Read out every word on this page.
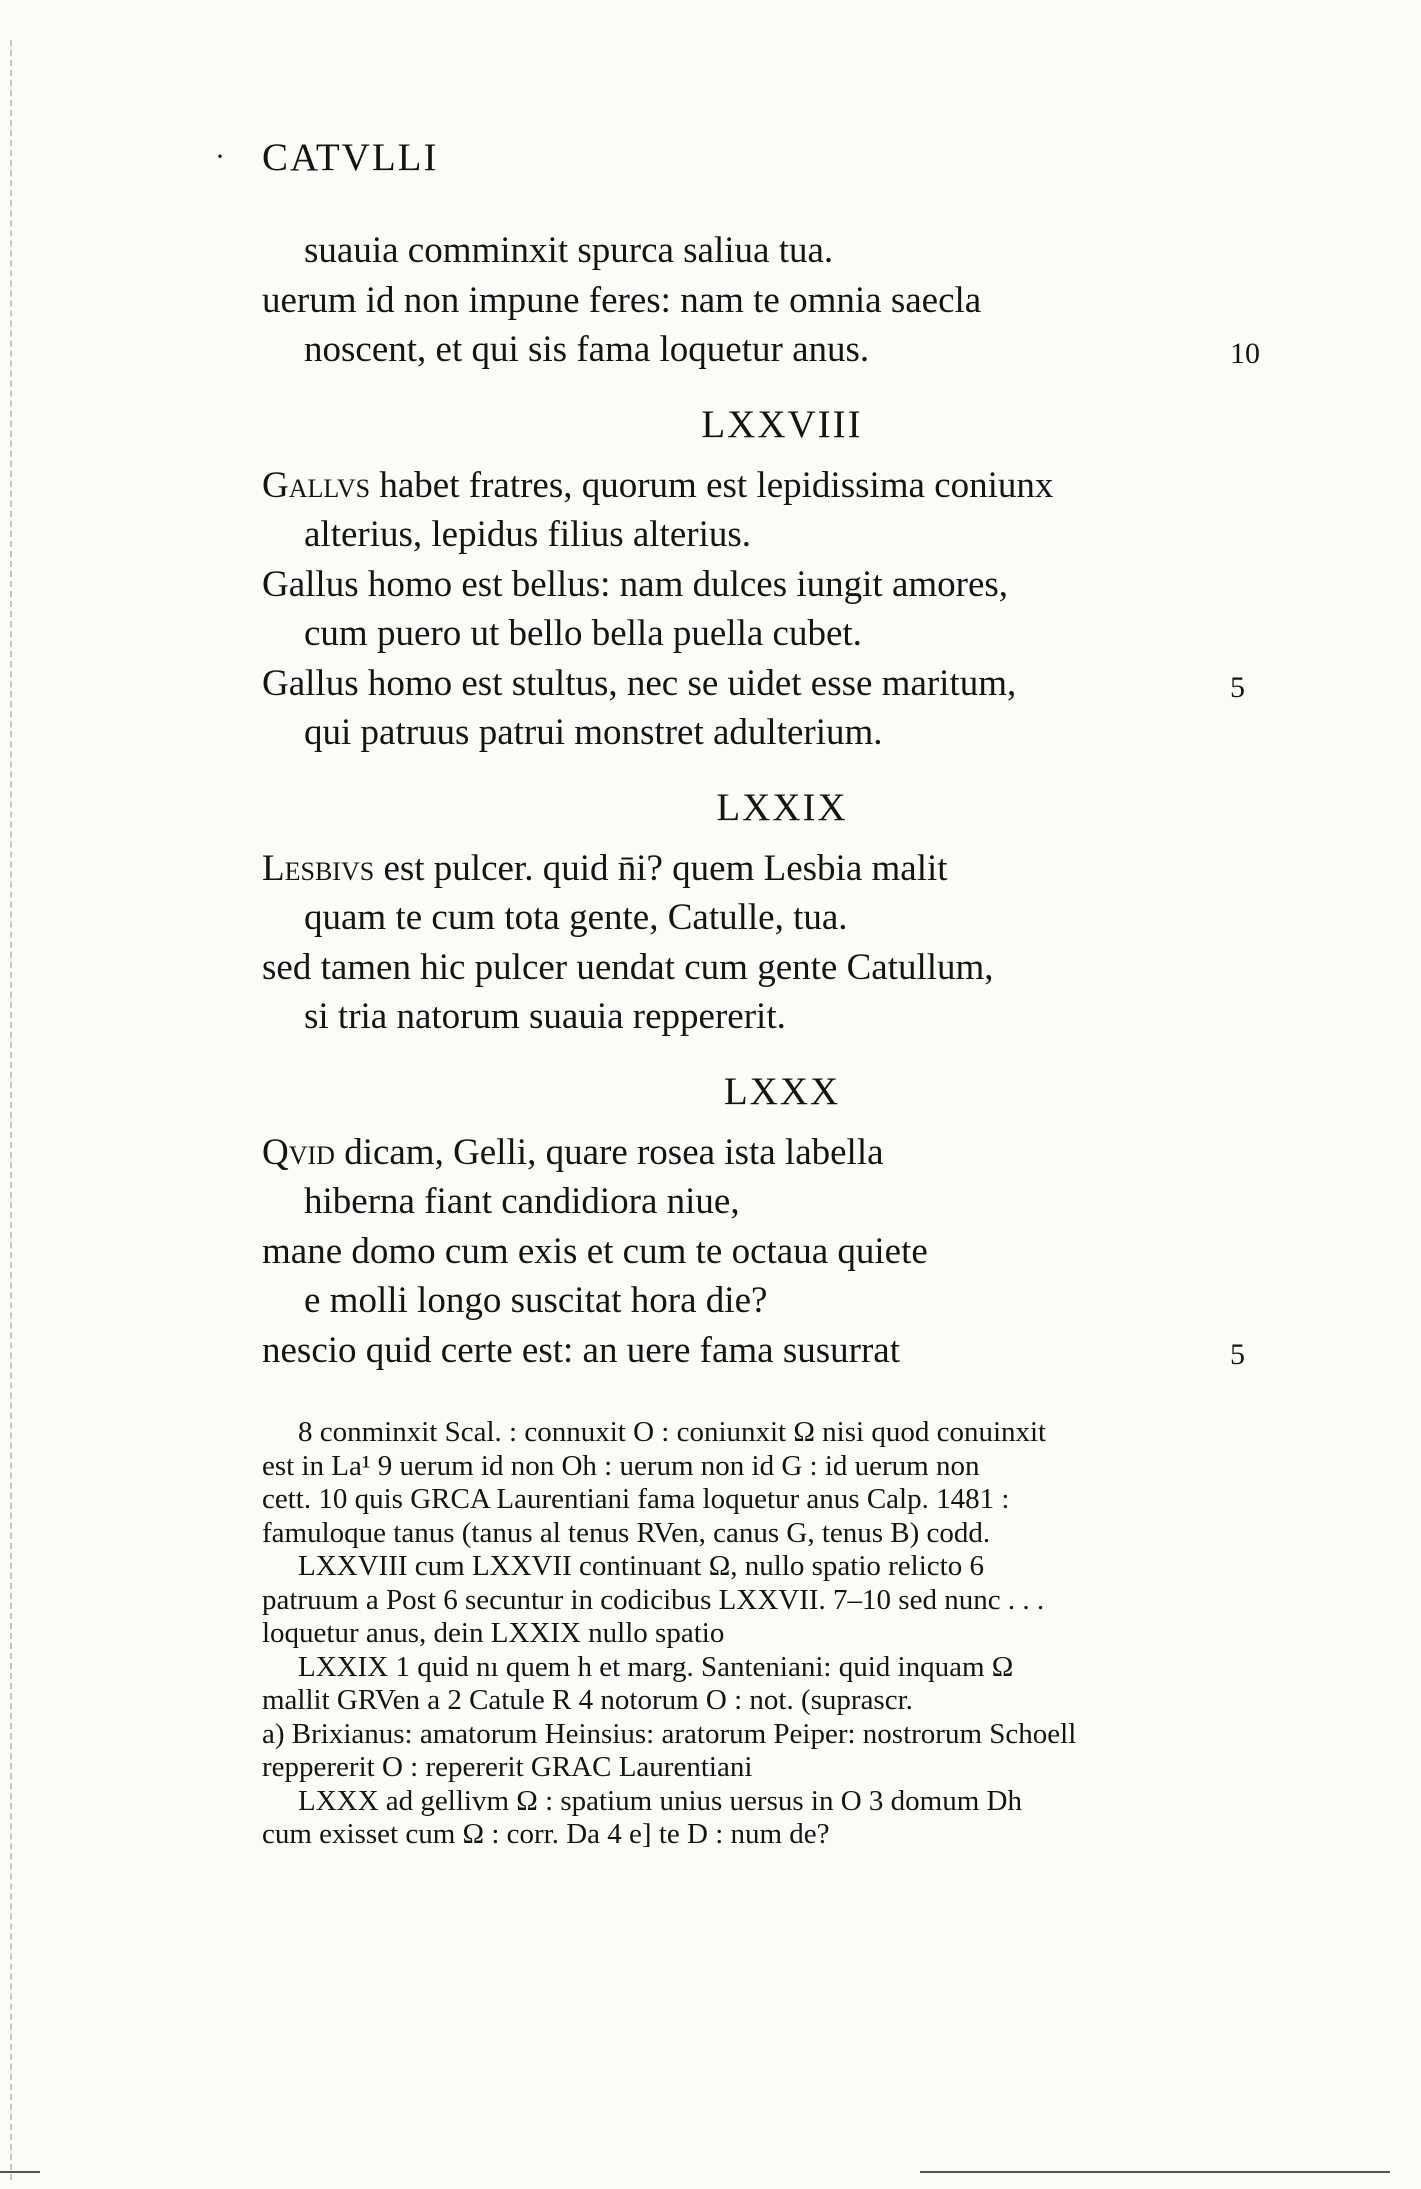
· CATVLLI
suauia comminxit spurca saliua tua.
uerum id non impune feres: nam te omnia saecla
noscent, et qui sis fama loquetur anus.	10
LXXVIII
Gallvs habet fratres, quorum est lepidissima coniunx
alterius, lepidus filius alterius.
Gallus homo est bellus: nam dulces iungit amores,
cum puero ut bello bella puella cubet.
Gallus homo est stultus, nec se uidet esse maritum,	5
qui patruus patrui monstret adulterium.
LXXIX
Lesbivs est pulcer. quid n̄i? quem Lesbia malit
quam te cum tota gente, Catulle, tua.
sed tamen hic pulcer uendat cum gente Catullum,
si tria natorum suauia reppererit.
LXXX
Qvid dicam, Gelli, quare rosea ista labella
hiberna fiant candidiora niue,
mane domo cum exis et cum te octaua quiete
e molli longo suscitat hora die?
nescio quid certe est: an uere fama susurrat	5
8 conminxit Scal. : connuxit O : coniunxit Ω nisi quod conuinxit
est in La¹ 9 uerum id non Oh : uerum non id G : id uerum non
cett. 10 quis GRCA Laurentiani fama loquetur anus Calp. 1481 :
famuloque tanus (tanus al tenus RVen, canus G, tenus B) codd.
LXXVIII cum LXXVII continuant Ω, nullo spatio relicto 6
patruum a Post 6 secuntur in codicibus LXXVII. 7–10 sed nunc . . .
loquetur anus, dein LXXIX nullo spatio
LXXIX 1 quid nı quem h et marg. Santeniani: quid inquam Ω
mallit GRVen a 2 Catule R 4 notorum O : not. (suprascr.
a) Brixianus: amatorum Heinsius: aratorum Peiper: nostrorum Schoell
reppererit O : repererit GRAC Laurentiani
LXXX ad gellivm Ω : spatium unius uersus in O 3 domum Dh
cum exisset cum Ω : corr. Da 4 e] te D : num de?
